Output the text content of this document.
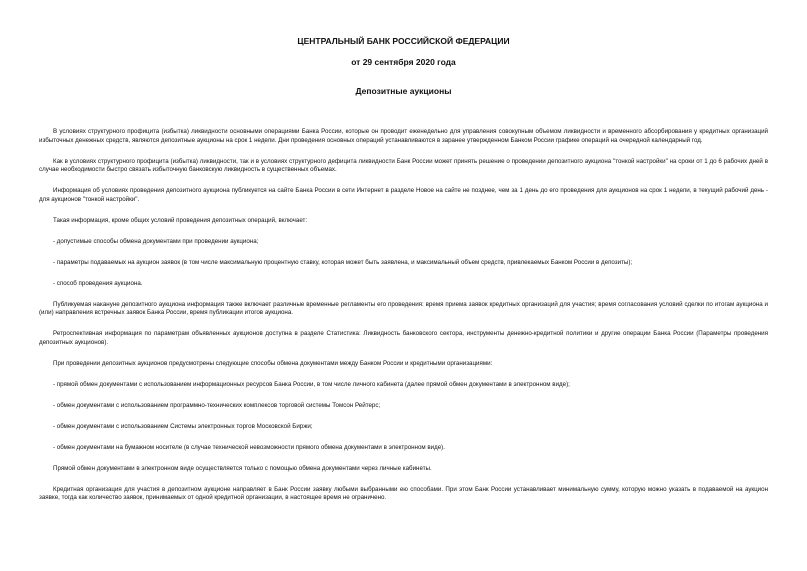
ЦЕНТРАЛЬНЫЙ БАНК РОССИЙСКОЙ ФЕДЕРАЦИИ
от 29 сентября 2020 года
Депозитные аукционы

В условиях структурного профицита (избытка) ликвидности основными операциями Банка России, которые он проводит еженедельно для управления совокупным объемом ликвидности и временного абсорбирования у кредитных организаций избыточных денежных средств, являются депозитные аукционы на срок 1 недели. Дни проведения основных операций устанавливаются в заранее утвержденном Банком России графике операций на очередной календарный год.

Как в условиях структурного профицита (избытка) ликвидности, так и в условиях структурного дефицита ликвидности Банк России может принять решение о проведении депозитного аукциона "тонкой настройки" на сроки от 1 до 6 рабочих дней в случае необходимости быстро связать избыточную банковскую ликвидность в существенных объемах.

Информация об условиях проведения депозитного аукциона публикуется на сайте Банка России в сети Интернет в разделе Новое на сайте не позднее, чем за 1 день до его проведения для аукционов на срок 1 недели, в текущий рабочий день - для аукционов "тонкой настройки".

Такая информация, кроме общих условий проведения депозитных операций, включает:

- допустимые способы обмена документами при проведении аукциона;

- параметры подаваемых на аукцион заявок (в том числе максимальную процентную ставку, которая может быть заявлена, и максимальный объем средств, привлекаемых Банком России в депозиты);

- способ проведения аукциона.

Публикуемая накануне депозитного аукциона информация также включает различные временные регламенты его проведения: время приема заявок кредитных организаций для участия; время согласования условий сделки по итогам аукциона и (или) направления встречных заявок Банка России, время публикации итогов аукциона.

Ретроспективная информация по параметрам объявленных аукционов доступна в разделе Статистика: Ликвидность банковского сектора, инструменты денежно-кредитной политики и другие операции Банка России (Параметры проведения депозитных аукционов).

При проведении депозитных аукционов предусмотрены следующие способы обмена документами между Банком России и кредитными организациями:

- прямой обмен документами с использованием информационных ресурсов Банка России, в том числе личного кабинета (далее прямой обмен документами в электронном виде);

- обмен документами с использованием программно-технических комплексов торговой системы Томсон Рейтерс;

- обмен документами с использованием Системы электронных торгов Московской Биржи;

- обмен документами на бумажном носителе (в случае технической невозможности прямого обмена документами в электронном виде).

Прямой обмен документами в электронном виде осуществляется только с помощью обмена документами через личные кабинеты.

Кредитная организация для участия в депозитном аукционе направляет в Банк России заявку любыми выбранными ею способами. При этом Банк России устанавливает минимальную сумму, которую можно указать в подаваемой на аукцион заявке, тогда как количество заявок, принимаемых от одной кредитной организации, в настоящее время не ограничено.
